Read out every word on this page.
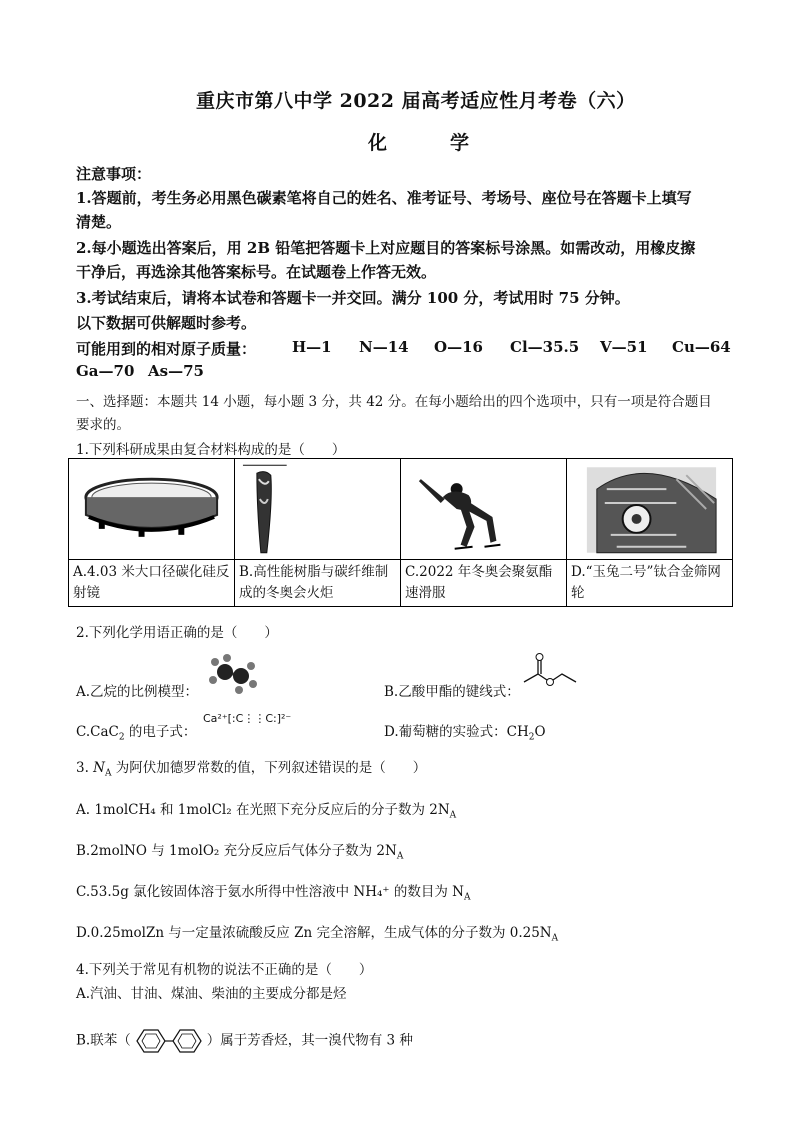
重庆市第八中学 2022 届高考适应性月考卷（六）
化　学
注意事项：
1.答题前，考生务必用黑色碳素笔将自己的姓名、准考证号、考场号、座位号在答题卡上填写
清楚。
2.每小题选出答案后，用 2B 铅笔把答题卡上对应题目的答案标号涂黑。如需改动，用橡皮擦
干净后，再选涂其他答案标号。在试题卷上作答无效。
3.考试结束后，请将本试卷和答题卡一并交回。满分 100 分，考试用时 75 分钟。
以下数据可供解题时参考。
可能用到的相对原子质量： H—1 N—14 O—16 Cl—35.5 V—51 Cu—64
Ga—70 As—75
一、选择题：本题共 14 小题，每小题 3 分，共 42 分。在每小题给出的四个选项中，只有一项是符合题目
要求的。
1.下列科研成果由复合材料构成的是（　　）

A.4.03 米大口径碳化硅反射镜	B.高性能树脂与碳纤维制成的冬奥会火炬	C.2022 年冬奥会聚氨酯速滑服	D.“玉兔二号”钛合金筛网轮
2.下列化学用语正确的是（　　）
A.乙烷的比例模型：	B.乙酸甲酯的键线式：
C.CaC$_2$ 的电子式：
Ca²⁺[:C⋮⋮C:]²⁻
D.葡萄糖的实验式：$CH_2O$
3. $N_A$ 为阿伏加德罗常数的值，下列叙述错误的是（　　）
A. 1molCH₄ 和 1molCl₂ 在光照下充分反应后的分子数为 $2N_A$
B.2molNO 与 1molO₂ 充分反应后气体分子数为 $2N_A$
C.53.5g 氯化铵固体溶于氨水所得中性溶液中 NH₄⁺ 的数目为 $N_A$
D.0.25molZn 与一定量浓硫酸反应 Zn 完全溶解，生成气体的分子数为 $0.25N_A$
4.下列关于常见有机物的说法不正确的是（　　）
A.汽油、甘油、煤油、柴油的主要成分都是烃
B.联苯（	）属于芳香烃，其一溴代物有 3 种
